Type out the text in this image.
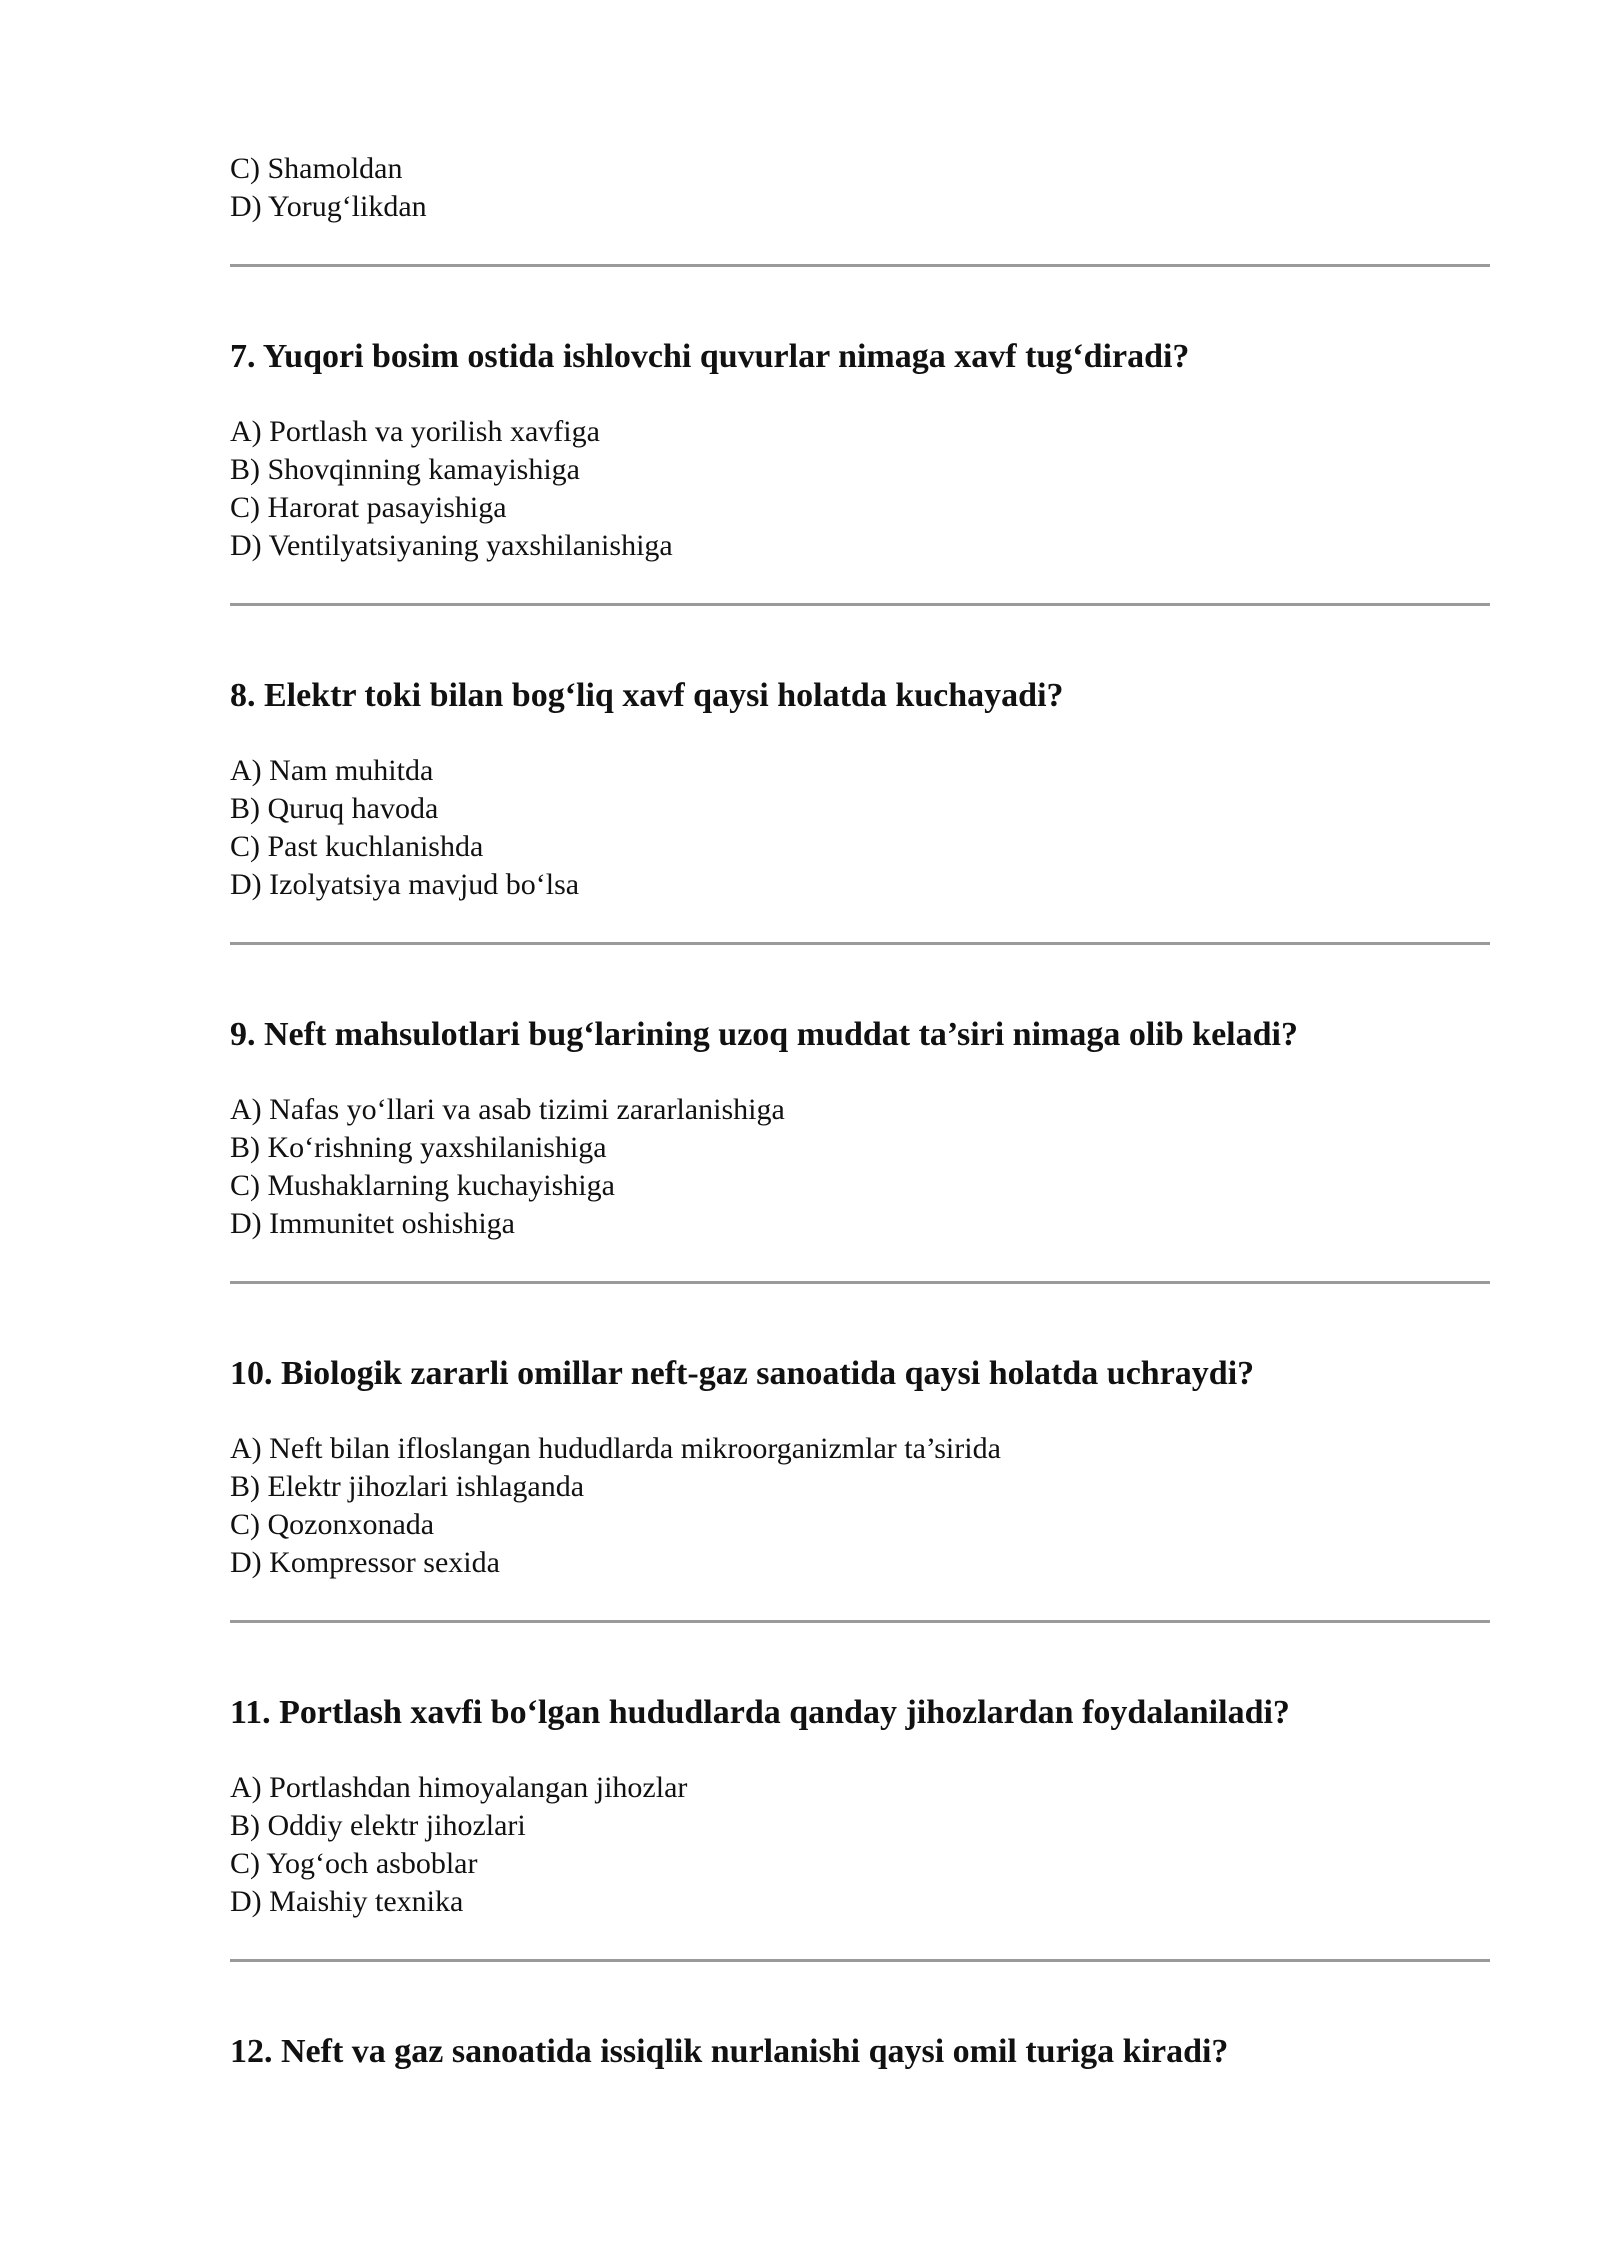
C) Shamoldan
D) Yorug‘likdan

7. Yuqori bosim ostida ishlovchi quvurlar nimaga xavf tug‘diradi?

A) Portlash va yorilish xavfiga
B) Shovqinning kamayishiga
C) Harorat pasayishiga
D) Ventilyatsiyaning yaxshilanishiga

8. Elektr toki bilan bog‘liq xavf qaysi holatda kuchayadi?

A) Nam muhitda
B) Quruq havoda
C) Past kuchlanishda
D) Izolyatsiya mavjud bo‘lsa

9. Neft mahsulotlari bug‘larining uzoq muddat ta’siri nimaga olib keladi?

A) Nafas yo‘llari va asab tizimi zararlanishiga
B) Ko‘rishning yaxshilanishiga
C) Mushaklarning kuchayishiga
D) Immunitet oshishiga

10. Biologik zararli omillar neft-gaz sanoatida qaysi holatda uchraydi?

A) Neft bilan ifloslangan hududlarda mikroorganizmlar ta’sirida
B) Elektr jihozlari ishlaganda
C) Qozonxonada
D) Kompressor sexida

11. Portlash xavfi bo‘lgan hududlarda qanday jihozlardan foydalaniladi?

A) Portlashdan himoyalangan jihozlar
B) Oddiy elektr jihozlari
C) Yog‘och asboblar
D) Maishiy texnika

12. Neft va gaz sanoatida issiqlik nurlanishi qaysi omil turiga kiradi?
